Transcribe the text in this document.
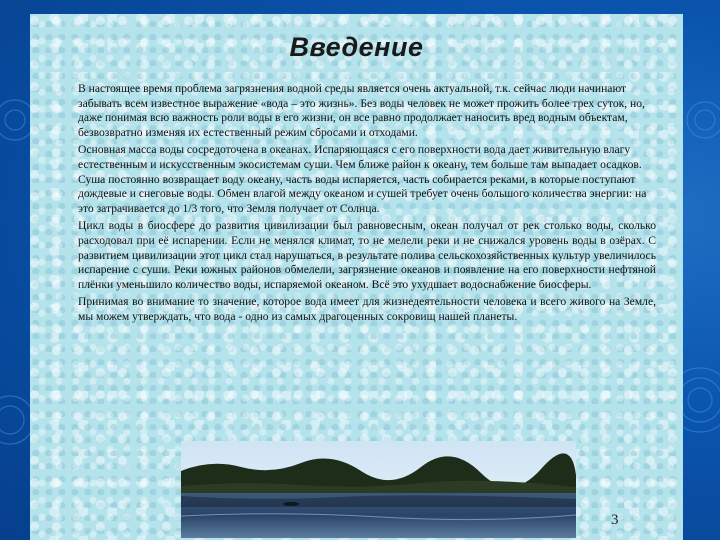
Введение

В настоящее время проблема загрязнения водной среды является очень актуальной, т.к. сейчас люди начинают забывать всем известное выражение «вода – это жизнь». Без воды человек не может прожить более трех суток, но, даже понимая всю важность роли воды в его жизни, он все равно продолжает наносить вред водным объектам, безвозвратно изменяя их естественный режим сбросами и отходами.

Основная масса воды сосредоточена в океанах. Испаряющаяся с его поверхности вода дает живительную влагу естественным и искусственным экосистемам суши. Чем ближе район к океану, тем больше там выпадает осадков. Суша постоянно возвращает воду океану, часть воды испаряется, часть собирается реками, в которые поступают дождевые и снеговые воды. Обмен влагой между океаном и сушей требует очень большого количества энергии: на это затрачивается до 1/3 того, что Земля получает от Солнца.

Цикл воды в биосфере до развития цивилизации был равновесным, океан получал от рек столько воды, сколько расходовал при её испарении. Если не менялся климат, то не мелели реки и не снижался уровень воды в озёрах. С развитием цивилизации этот цикл стал нарушаться, в результате полива сельскохозяйственных культур увеличилось испарение с суши. Реки южных районов обмелели, загрязнение океанов и появление на его поверхности нефтяной плёнки уменьшило количество воды, испаряемой океаном. Всё это ухудшает водоснабжение биосферы.

Принимая во внимание то значение, которое вода имеет для жизнедеятельности человека и всего живого на Земле, мы можем утверждать, что вода - одно из самых драгоценных сокровищ нашей планеты.

3
